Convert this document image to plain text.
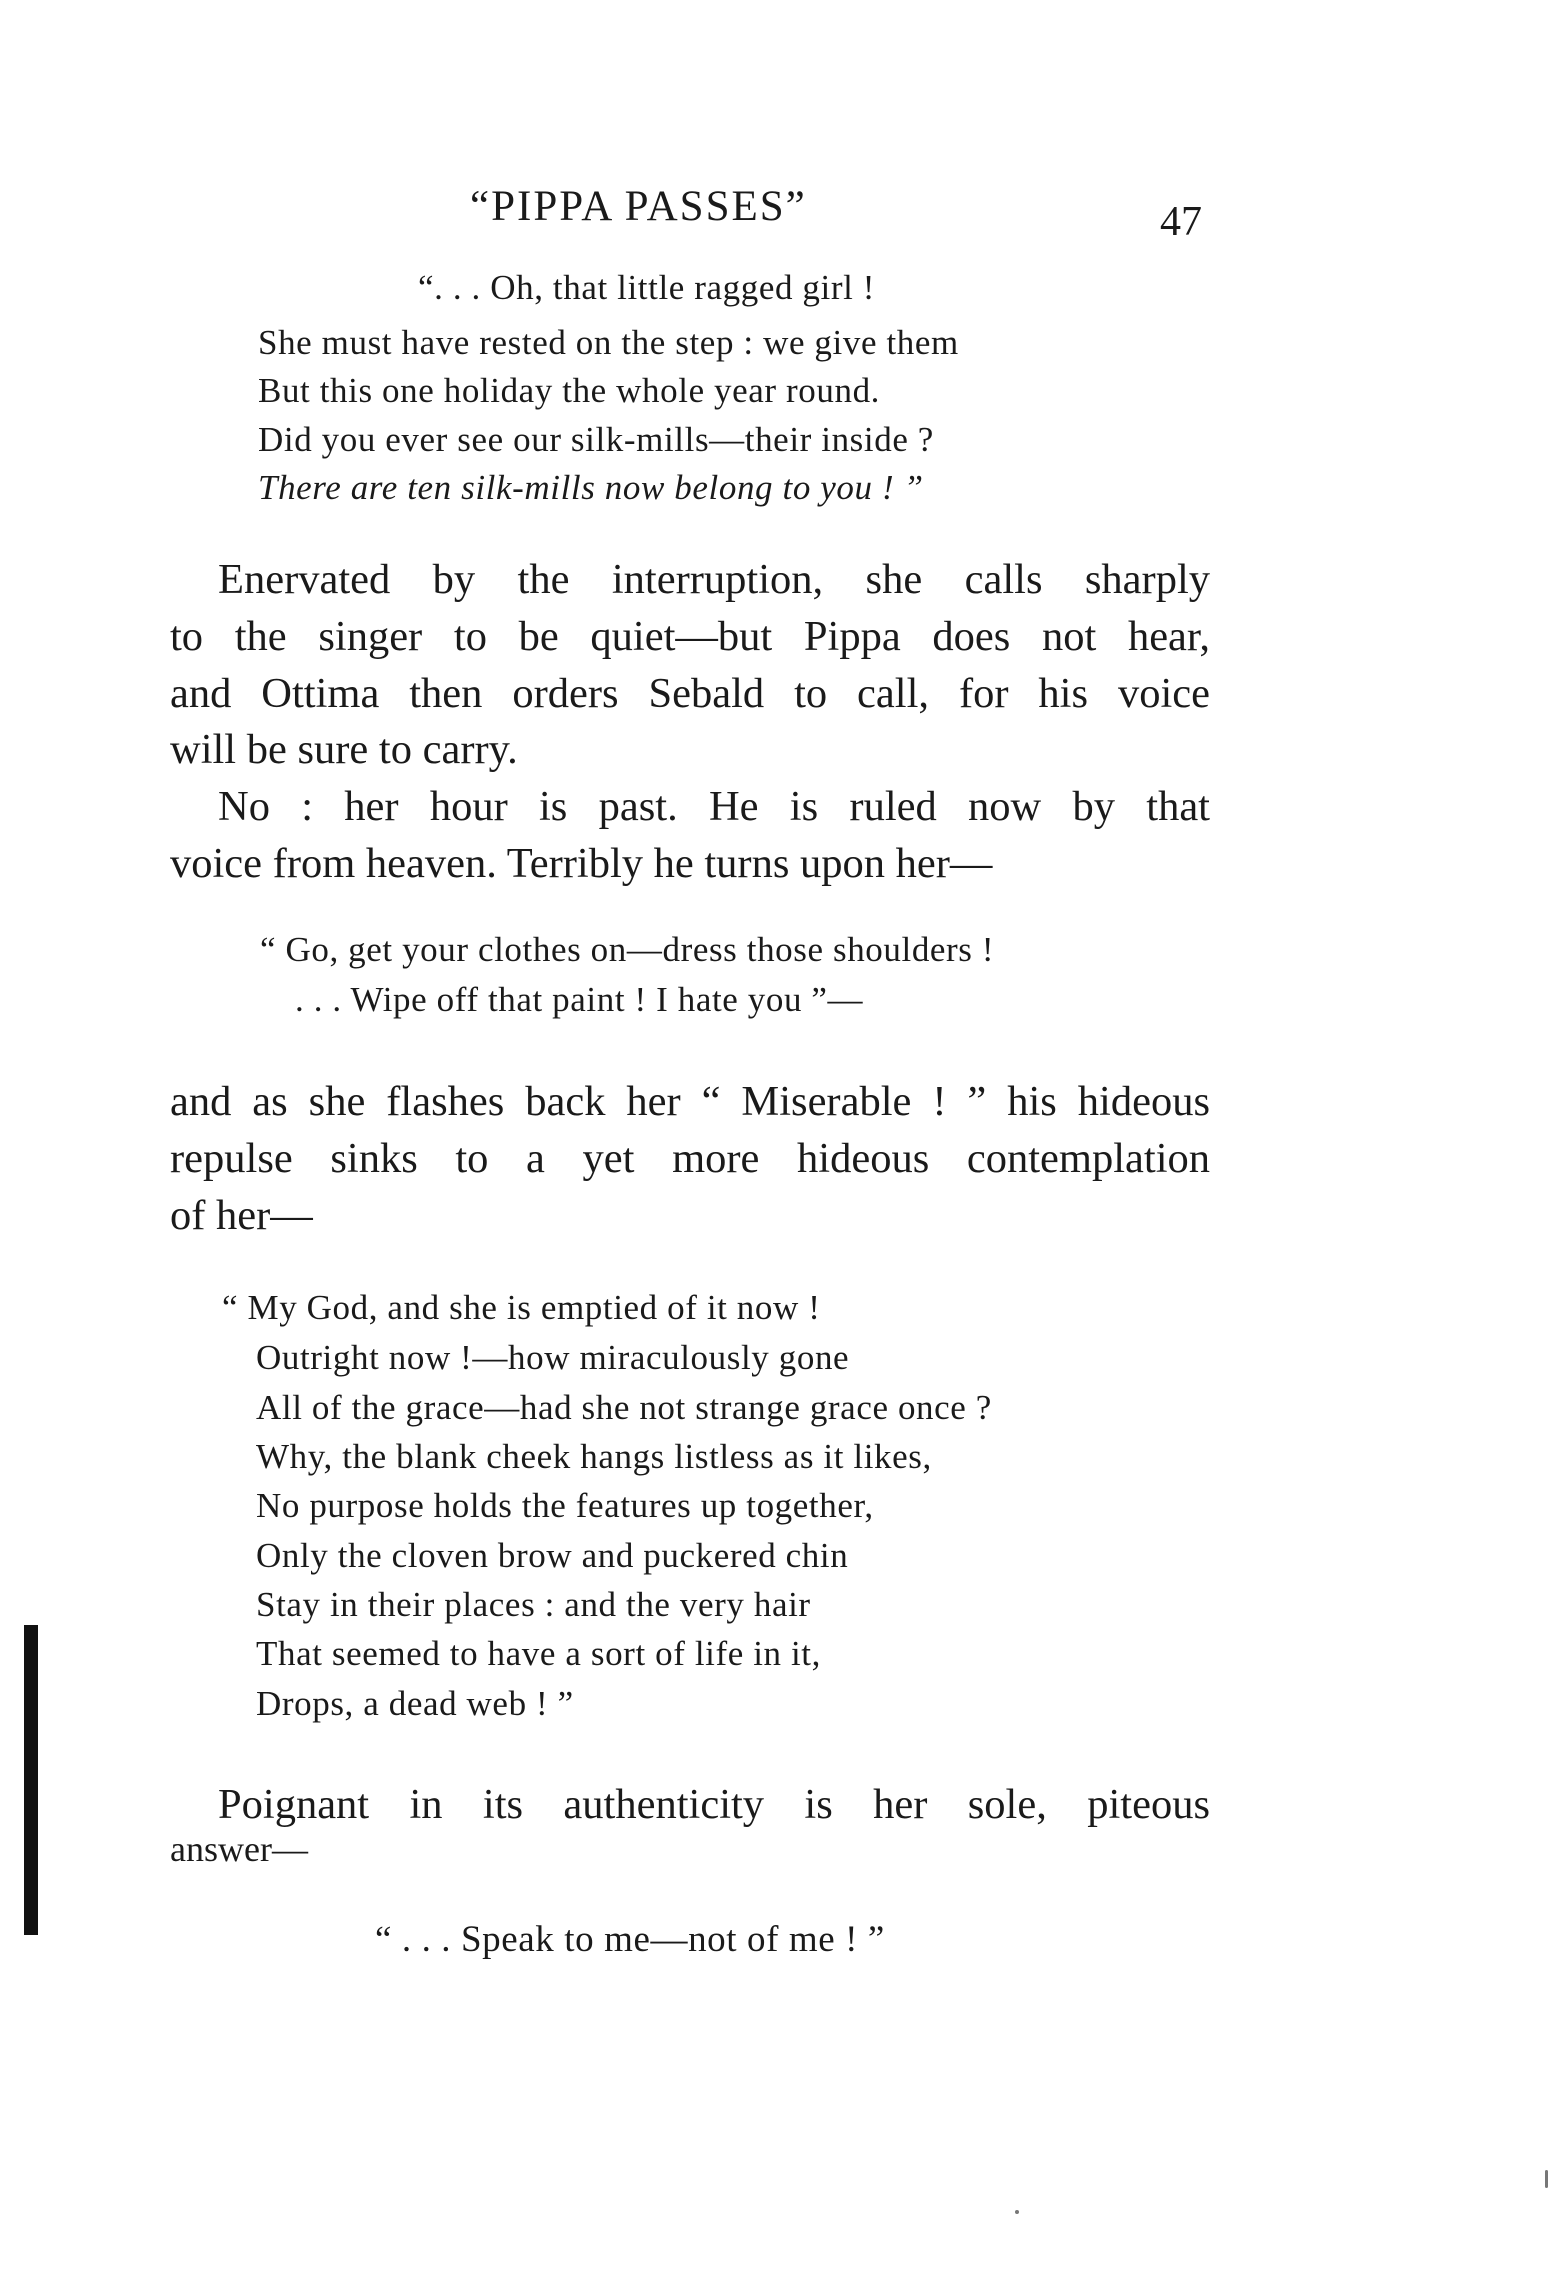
“PIPPA PASSES”	47
“. . . Oh, that little ragged girl !
She must have rested on the step : we give them
But this one holiday the whole year round.
Did you ever see our silk-mills—their inside ?
There are ten silk-mills now belong to you ! ”
Enervated by the interruption, she calls sharply
to the singer to be quiet—but Pippa does not hear,
and Ottima then orders Sebald to call, for his voice
will be sure to carry.
No : her hour is past. He is ruled now by that
voice from heaven. Terribly he turns upon her—
“ Go, get your clothes on—dress those shoulders !
. . . Wipe off that paint ! I hate you ”—
and as she flashes back her “ Miserable ! ” his hideous
repulse sinks to a yet more hideous contemplation
of her—
“ My God, and she is emptied of it now !
Outright now !—how miraculously gone
All of the grace—had she not strange grace once ?
Why, the blank cheek hangs listless as it likes,
No purpose holds the features up together,
Only the cloven brow and puckered chin
Stay in their places : and the very hair
That seemed to have a sort of life in it,
Drops, a dead web ! ”
Poignant in its authenticity is her sole, piteous
answer—
“ . . . Speak to me—not of me ! ”
